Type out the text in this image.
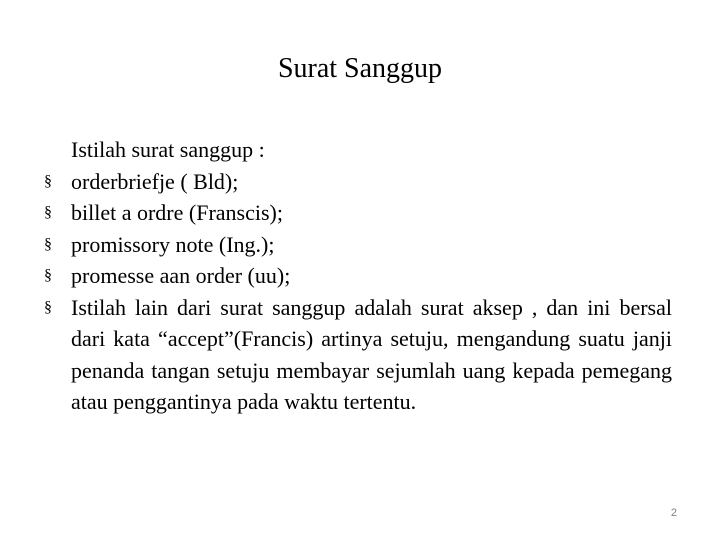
Surat Sanggup
Istilah surat sanggup :
§ orderbriefje ( Bld);
§ billet a ordre (Franscis);
§ promissory note (Ing.);
§ promesse aan order (uu);
§ Istilah lain dari surat sanggup adalah surat aksep , dan ini bersal dari kata “accept”(Francis) artinya setuju, mengandung suatu janji penanda tangan setuju membayar sejumlah uang kepada pemegang atau penggantinya pada waktu tertentu.
2
